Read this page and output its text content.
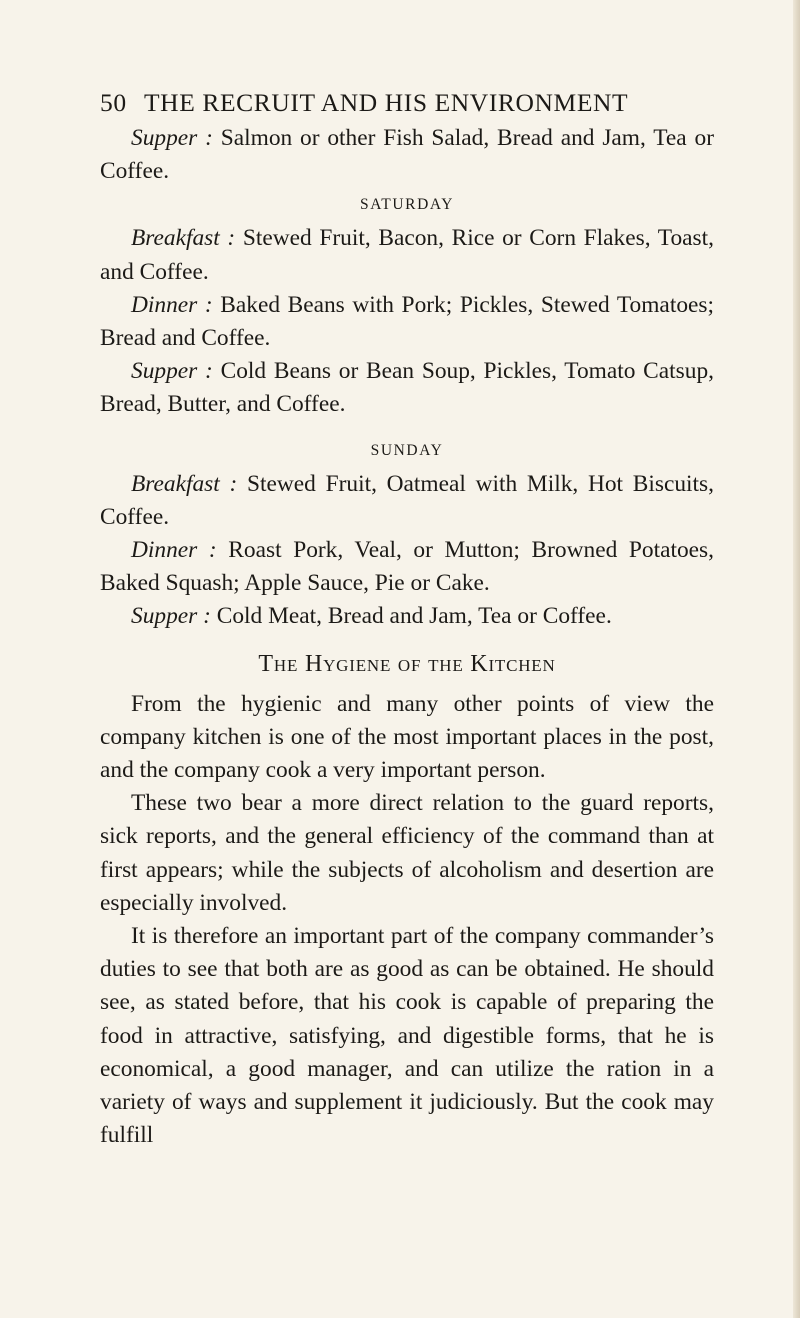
50 THE RECRUIT AND HIS ENVIRONMENT

Supper : Salmon or other Fish Salad, Bread and Jam, Tea or Coffee.

SATURDAY

Breakfast : Stewed Fruit, Bacon, Rice or Corn Flakes, Toast, and Coffee.

Dinner : Baked Beans with Pork; Pickles, Stewed Tomatoes; Bread and Coffee.

Supper : Cold Beans or Bean Soup, Pickles, Tomato Catsup, Bread, Butter, and Coffee.

SUNDAY

Breakfast : Stewed Fruit, Oatmeal with Milk, Hot Biscuits, Coffee.

Dinner : Roast Pork, Veal, or Mutton; Browned Potatoes, Baked Squash; Apple Sauce, Pie or Cake.

Supper : Cold Meat, Bread and Jam, Tea or Coffee.

The Hygiene of the Kitchen

From the hygienic and many other points of view the company kitchen is one of the most important places in the post, and the company cook a very important person.

These two bear a more direct relation to the guard reports, sick reports, and the general efficiency of the command than at first appears; while the subjects of alcoholism and desertion are especially involved.

It is therefore an important part of the company commander’s duties to see that both are as good as can be obtained. He should see, as stated before, that his cook is capable of preparing the food in attractive, satisfying, and digestible forms, that he is economical, a good manager, and can utilize the ration in a variety of ways and supplement it judiciously. But the cook may fulfill
